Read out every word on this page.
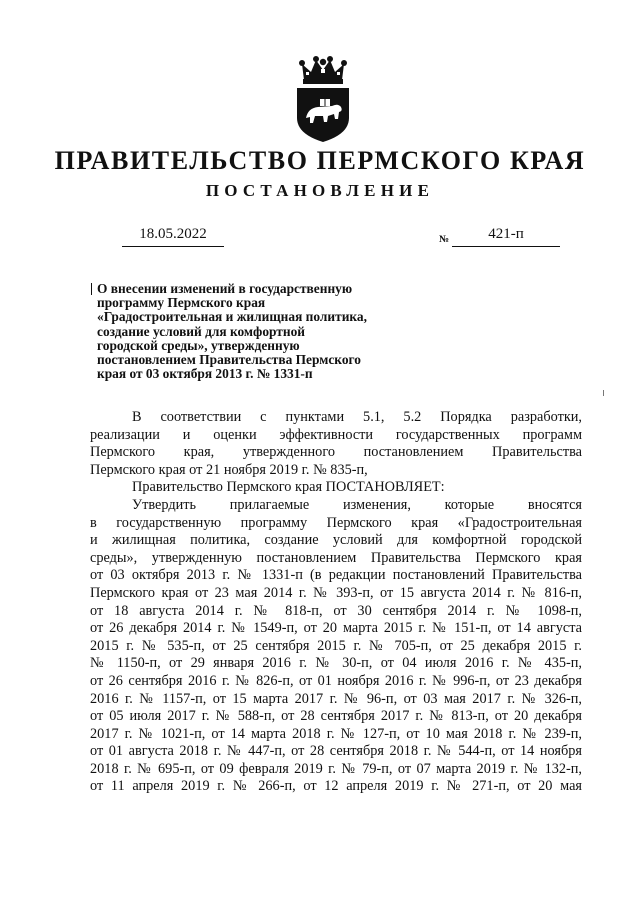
ПРАВИТЕЛЬСТВО ПЕРМСКОГО КРАЯ
ПОСТАНОВЛЕНИЕ
18.05.2022	№	421-п
О внесении изменений в государственную
программу Пермского края
«Градостроительная и жилищная политика,
создание условий для комфортной
городской среды», утвержденную
постановлением Правительства Пермского
края от 03 октября 2013 г. № 1331-п
В соответствии с пунктами 5.1, 5.2 Порядка разработки,
реализации и оценки эффективности государственных программ
Пермского края, утвержденного постановлением Правительства
Пермского края от 21 ноября 2019 г. № 835-п,
Правительство Пермского края ПОСТАНОВЛЯЕТ:
Утвердить прилагаемые изменения, которые вносятся
в государственную программу Пермского края «Градостроительная
и жилищная политика, создание условий для комфортной городской
среды», утвержденную постановлением Правительства Пермского края
от 03 октября 2013 г. № 1331-п (в редакции постановлений Правительства
Пермского края от 23 мая 2014 г. № 393-п, от 15 августа 2014 г. № 816-п,
от 18 августа 2014 г. № 818-п, от 30 сентября 2014 г. № 1098-п,
от 26 декабря 2014 г. № 1549-п, от 20 марта 2015 г. № 151-п, от 14 августа
2015 г. № 535-п, от 25 сентября 2015 г. № 705-п, от 25 декабря 2015 г.
№ 1150-п, от 29 января 2016 г. № 30-п, от 04 июля 2016 г. № 435-п,
от 26 сентября 2016 г. № 826-п, от 01 ноября 2016 г. № 996-п, от 23 декабря
2016 г. № 1157-п, от 15 марта 2017 г. № 96-п, от 03 мая 2017 г. № 326-п,
от 05 июля 2017 г. № 588-п, от 28 сентября 2017 г. № 813-п, от 20 декабря
2017 г. № 1021-п, от 14 марта 2018 г. № 127-п, от 10 мая 2018 г. № 239-п,
от 01 августа 2018 г. № 447-п, от 28 сентября 2018 г. № 544-п, от 14 ноября
2018 г. № 695-п, от 09 февраля 2019 г. № 79-п, от 07 марта 2019 г. № 132-п,
от 11 апреля 2019 г. № 266-п, от 12 апреля 2019 г. № 271-п, от 20 мая
